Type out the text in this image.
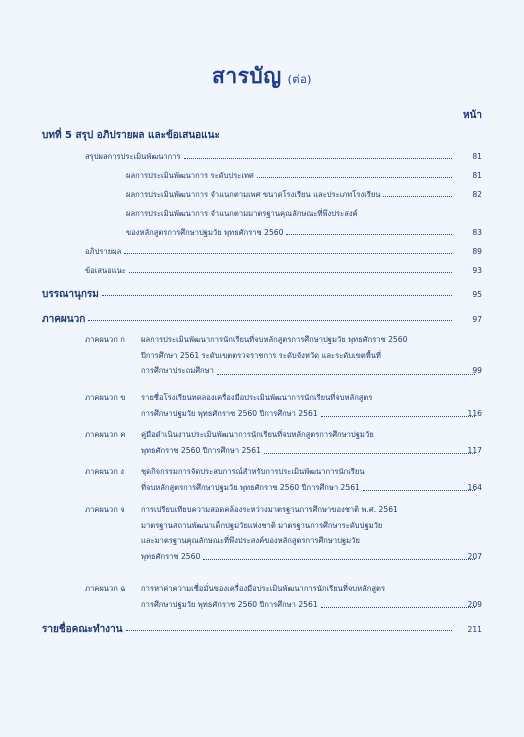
สารบัญ (ต่อ)
หน้า
บทที่ 5 สรุป อภิปรายผล และข้อเสนอแนะ
สรุปผลการประเมินพัฒนาการ	81
ผลการประเมินพัฒนาการ ระดับประเทศ	81
ผลการประเมินพัฒนาการ จำแนกตามเพศ ขนาดโรงเรียน และประเภทโรงเรียน	82
ผลการประเมินพัฒนาการ จำแนกตามมาตรฐานคุณลักษณะที่พึงประสงค์
ของหลักสูตรการศึกษาปฐมวัย พุทธศักราช 2560	83
อภิปรายผล	89
ข้อเสนอแนะ	93
บรรณานุกรม	95
ภาคผนวก	97
ภาคผนวก ก ผลการประเมินพัฒนาการนักเรียนที่จบหลักสูตรการศึกษาปฐมวัย พุทธศักราช 2560
ปีการศึกษา 2561 ระดับเขตตรวจราชการ ระดับจังหวัด และระดับเขตพื้นที่
การศึกษาประถมศึกษา	99
ภาคผนวก ข รายชื่อโรงเรียนทดลองเครื่องมือประเมินพัฒนาการนักเรียนที่จบหลักสูตร
การศึกษาปฐมวัย พุทธศักราช 2560 ปีการศึกษา 2561	116
ภาคผนวก ค คู่มือดำเนินงานประเมินพัฒนาการนักเรียนที่จบหลักสูตรการศึกษาปฐมวัย
พุทธศักราช 2560 ปีการศึกษา 2561	117
ภาคผนวก ง ชุดกิจกรรมการจัดประสบการณ์สำหรับการประเมินพัฒนาการนักเรียน
ที่จบหลักสูตรการศึกษาปฐมวัย พุทธศักราช 2560 ปีการศึกษา 2561	164
ภาคผนวก จ การเปรียบเทียบความสอดคล้องระหว่างมาตรฐานการศึกษาของชาติ พ.ศ. 2561
มาตรฐานสถานพัฒนาเด็กปฐมวัยแห่งชาติ มาตรฐานการศึกษาระดับปฐมวัย
และมาตรฐานคุณลักษณะที่พึงประสงค์ของหลักสูตรการศึกษาปฐมวัย
พุทธศักราช 2560	207
ภาคผนวก ฉ การหาค่าความเชื่อมั่นของเครื่องมือประเมินพัฒนาการนักเรียนที่จบหลักสูตร
การศึกษาปฐมวัย พุทธศักราช 2560 ปีการศึกษา 2561	209
รายชื่อคณะทำงาน	211
